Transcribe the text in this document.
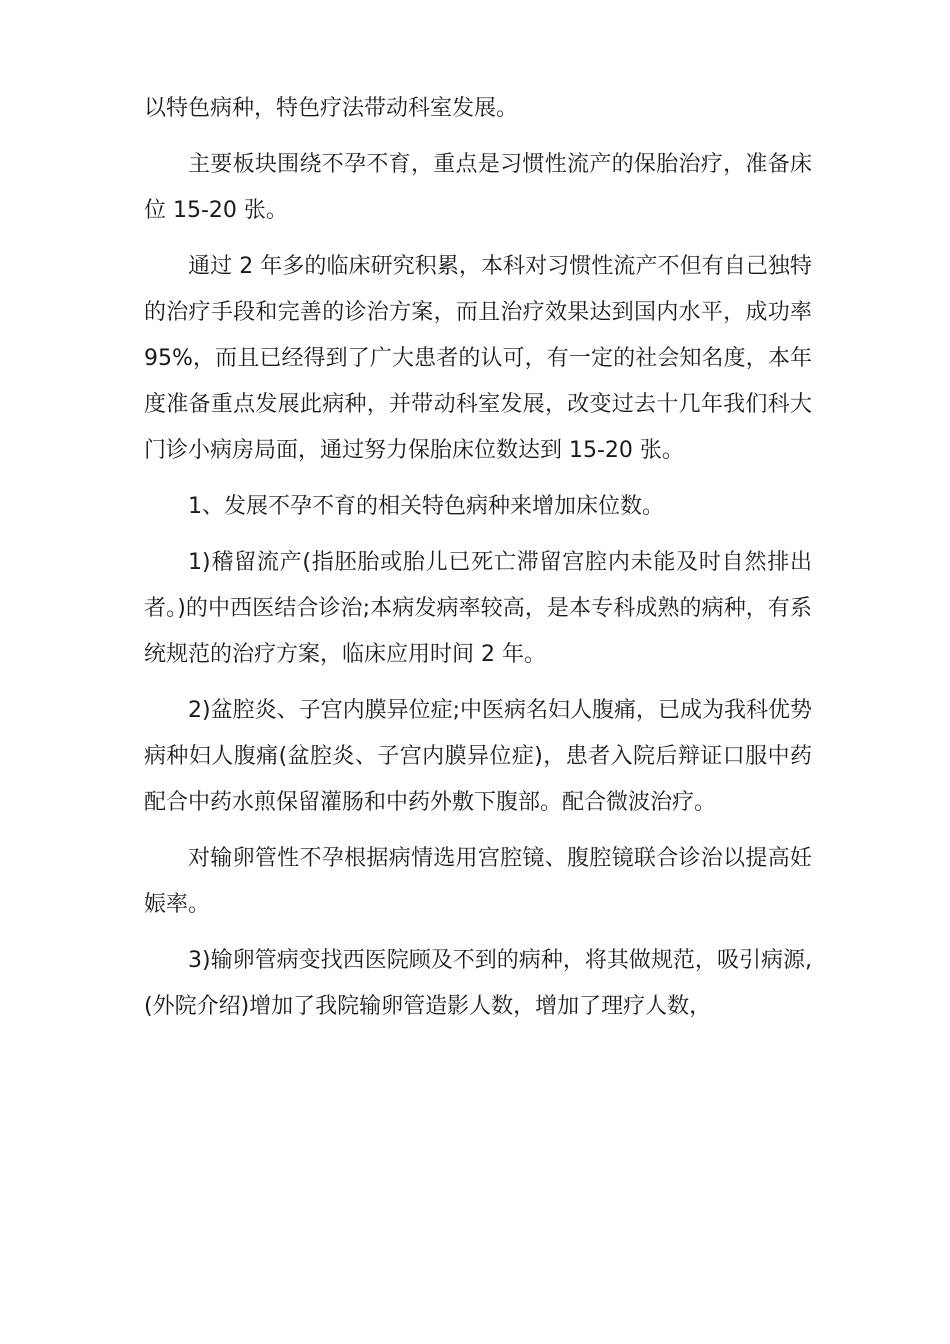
以特色病种，特色疗法带动科室发展。

主要板块围绕不孕不育，重点是习惯性流产的保胎治疗，准备床位 15-20 张。

通过 2 年多的临床研究积累，本科对习惯性流产不但有自己独特的治疗手段和完善的诊治方案，而且治疗效果达到国内水平，成功率 95%，而且已经得到了广大患者的认可，有一定的社会知名度，本年度准备重点发展此病种，并带动科室发展，改变过去十几年我们科大门诊小病房局面，通过努力保胎床位数达到 15-20 张。

1、发展不孕不育的相关特色病种来增加床位数。

1)稽留流产(指胚胎或胎儿已死亡滞留宫腔内未能及时自然排出者。)的中西医结合诊治;本病发病率较高，是本专科成熟的病种，有系统规范的治疗方案，临床应用时间 2 年。

2)盆腔炎、子宫内膜异位症;中医病名妇人腹痛，已成为我科优势病种妇人腹痛(盆腔炎、子宫内膜异位症)，患者入院后辩证口服中药配合中药水煎保留灌肠和中药外敷下腹部。配合微波治疗。

对输卵管性不孕根据病情选用宫腔镜、腹腔镜联合诊治以提高妊娠率。

3)输卵管病变找西医院顾及不到的病种，将其做规范，吸引病源,(外院介绍)增加了我院输卵管造影人数，增加了理疗人数，
